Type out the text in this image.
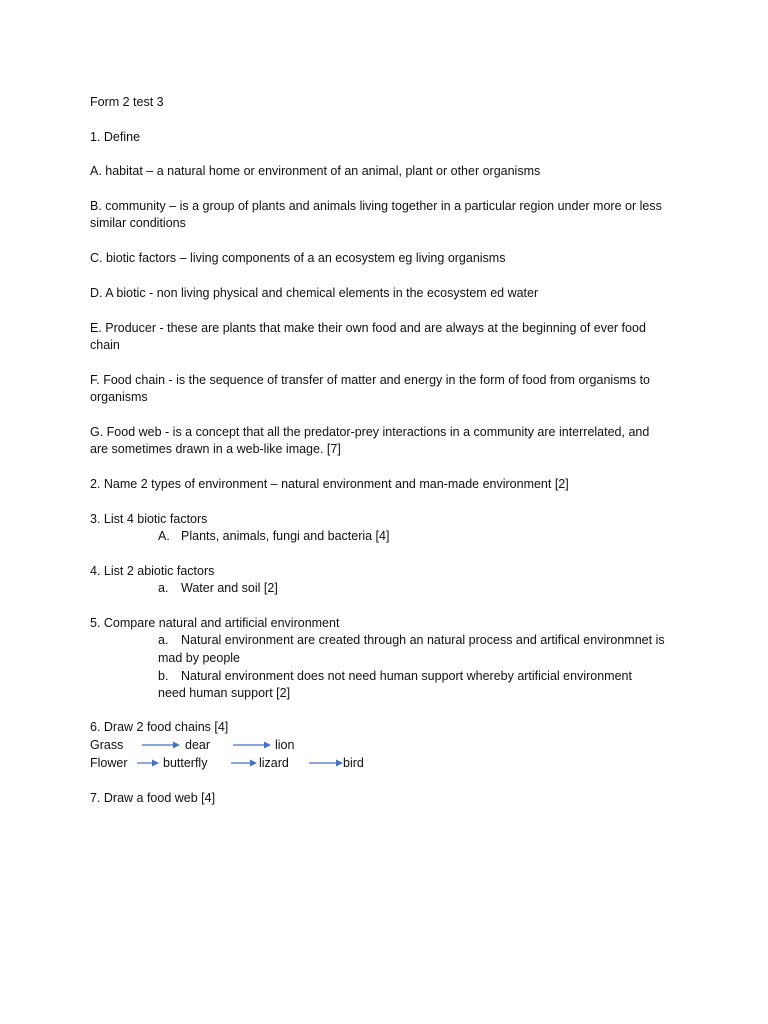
Form 2 test 3
1. Define
A. habitat – a natural home or environment of an animal, plant or other organisms
B. community – is a group of plants and animals living together in a particular region under more or less
similar conditions
C. biotic factors – living components of a an ecosystem eg living organisms
D. A biotic - non living physical and chemical elements in the ecosystem ed water
E. Producer - these are plants that make their own food and are always at the beginning of ever food
chain
F. Food chain - is the sequence of transfer of matter and energy in the form of food from organisms to
organisms
G. Food web - is a concept that all the predator-prey interactions in a community are interrelated, and
are sometimes drawn in a web-like image. [7]
2. Name 2 types of environment – natural environment and man-made environment [2]
3. List 4 biotic factors
A. Plants, animals, fungi and bacteria [4]
4. List 2 abiotic factors
a. Water and soil [2]
5. Compare natural and artificial environment
a. Natural environment are created through an natural process and artifical environmnet is
mad by people
b. Natural environment does not need human support whereby artificial environment
need human support [2]
6. Draw 2 food chains [4]
Grass	dear	lion
Flower	butterfly	lizard	bird
7. Draw a food web [4]
